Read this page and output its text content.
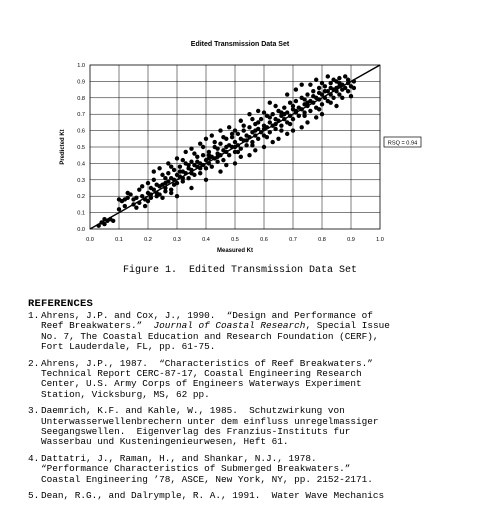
Edited Transmission Data Set
0.0	0.1	0.2	0.3	0.4	0.5	0.6	0.7	0.8	0.9	1.0
0.0
0.1
0.2
0.3
0.4
0.5
0.6
0.7
0.8
0.9
1.0
Measured Kt
Predicted Kt	RSQ = 0.94
Figure 1. Edited Transmission Data Set
REFERENCES
1. Ahrens, J.P. and Cox, J., 1990.  “Design and Performance of
Reef Breakwaters.”  Journal of Coastal Research, Special Issue
No. 7, The Coastal Education and Research Foundation (CERF),
Fort Lauderdale, FL, pp. 61-75.
2. Ahrens, J.P., 1987.  “Characteristics of Reef Breakwaters.”
Technical Report CERC-87-17, Coastal Engineering Research
Center, U.S. Army Corps of Engineers Waterways Experiment
Station, Vicksburg, MS, 62 pp.
3. Daemrich, K.F. and Kahle, W., 1985.  Schutzwirkung von
Unterwasserwellenbrechern unter dem einfluss unregelmassiger
Seegangswellen.  Eigenverlag des Franzius-Instituts fur
Wasserbau und Kusteningenieurwesen, Heft 61.
4. Dattatri, J., Raman, H., and Shankar, N.J., 1978.
“Performance Characteristics of Submerged Breakwaters.”
Coastal Engineering ’78, ASCE, New York, NY, pp. 2152-2171.
5. Dean, R.G., and Dalrymple, R. A., 1991.  Water Wave Mechanics
